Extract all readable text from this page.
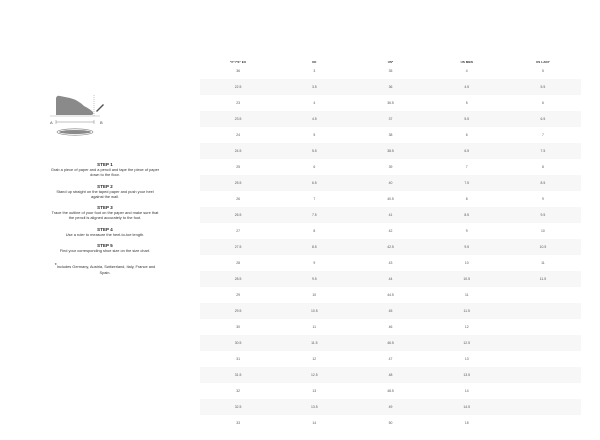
A	B
STEP 1
Grab a piece of paper and a pencil and tape the piece of paper down to the floor.
STEP 2
Stand up straight on the taped paper and push your heel against the wall.
STEP 3
Trace the outline of your foot on the paper and make sure that the pencil is aligned accurately to the foot.
STEP 4
Use a ruler to measure the heel-to-toe length.
STEP 5
Find your corresponding shoe size on the size chart.
*Includes Germany, Austria, Switzerland, Italy, France and Spain.
"F"/"S" EU	UK	US*	US MEN	US LADY
36	3	35	4	5
22.5	3.5	36	4.5	5.5
23	4	36.5	5	6
23.5	4.5	37	5.5	6.5
24	5	38	6	7
24.5	5.5	38.5	6.5	7.5
25	6	39	7	8
25.5	6.5	40	7.5	8.5
26	7	40.5	8	9
26.5	7.5	41	8.5	9.5
27	8	42	9	10
27.5	8.5	42.5	9.5	10.5
28	9	43	10	11
28.5	9.5	44	10.5	11.5
29	10	44.5	11
29.5	10.5	45	11.5
30	11	46	12
30.5	11.5	46.5	12.5
31	12	47	13
31.5	12.5	48	13.5
32	13	48.5	14
32.5	13.5	49	14.5
33	14	50	15
